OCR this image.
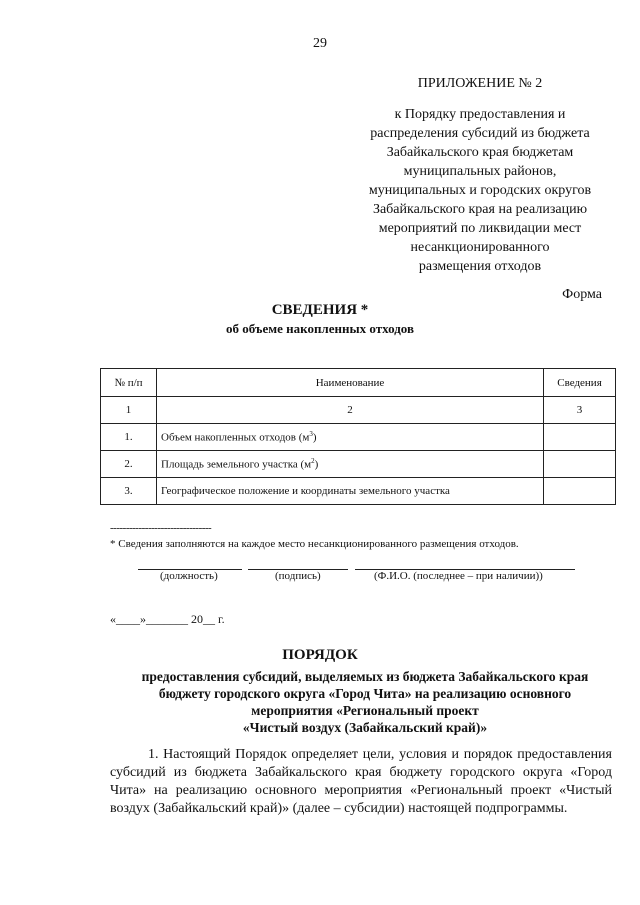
29
ПРИЛОЖЕНИЕ № 2
к Порядку предоставления и
распределения субсидий из бюджета
Забайкальского края бюджетам
муниципальных районов,
муниципальных и городских округов
Забайкальского края на реализацию
мероприятий по ликвидации мест
несанкционированного
размещения отходов
Форма
СВЕДЕНИЯ *
об объеме накопленных отходов
№ п/п	Наименование	Сведения
1	2	3
1.	Объем накопленных отходов $(м^3)$	
2.	Площадь земельного участка $(м^2)$	
3.	Географическое положение и координаты земельного участка	
--------------------------------
* Сведения заполняются на каждое место несанкционированного размещения отходов.
(должность)	(подпись)	(Ф.И.О. (последнее – при наличии))
«____»_______ 20__ г.
ПОРЯДОК
предоставления субсидий, выделяемых из бюджета Забайкальского края
бюджету городского округа «Город Чита» на реализацию основного
мероприятия «Региональный проект
«Чистый воздух (Забайкальский край)»
1. Настоящий Порядок определяет цели, условия и порядок предоставления субсидий из бюджета Забайкальского края бюджету городского округа «Город Чита» на реализацию основного мероприятия «Региональный проект «Чистый воздух (Забайкальский край)» (далее – субсидии) настоящей подпрограммы.
